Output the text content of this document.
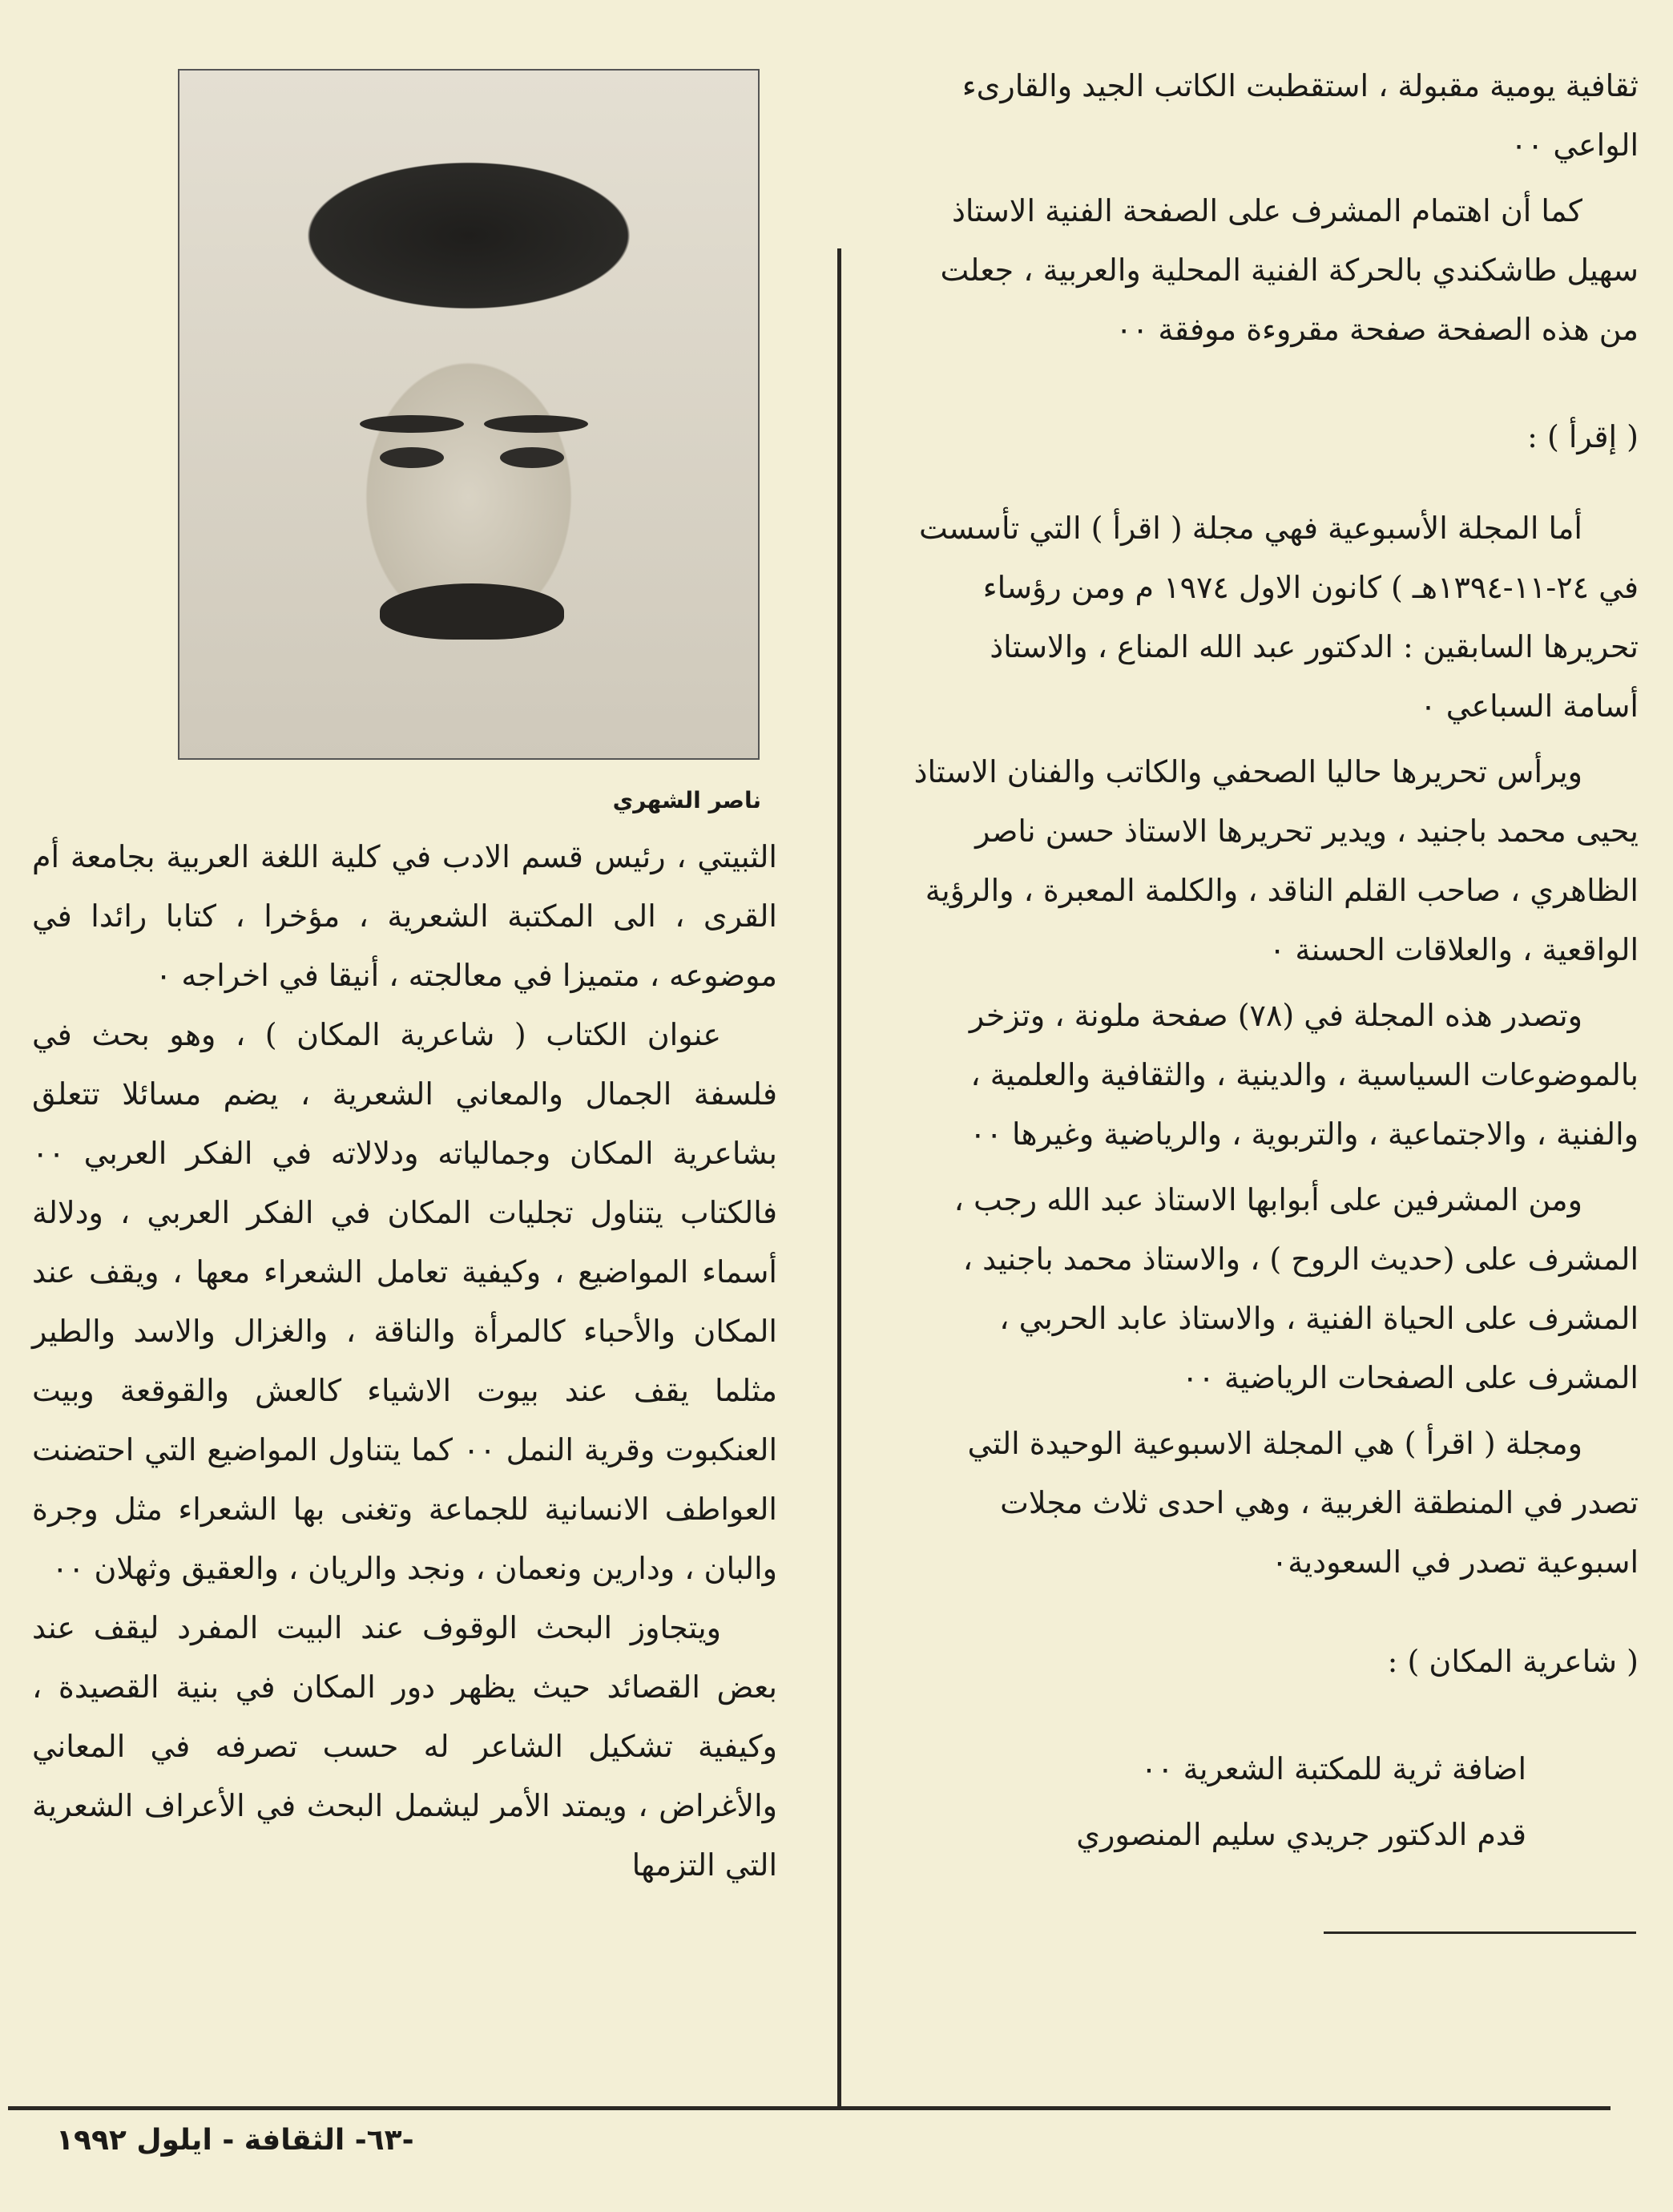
ثقافية يومية مقبولة ، استقطبت الكاتب الجيد والقارىء الواعي ٠٠

كما أن اهتمام المشرف على الصفحة الفنية الاستاذ سهيل طاشكندي بالحركة الفنية المحلية والعربية ، جعلت من هذه الصفحة صفحة مقروءة موفقة ٠٠

( إقرأ ) :

أما المجلة الأسبوعية فهي مجلة ( اقرأ ) التي تأسست في ٢٤-١١-١٣٩٤هـ ) كانون الاول ١٩٧٤ م ومن رؤساء تحريرها السابقين : الدكتور عبد الله المناع ، والاستاذ أسامة السباعي ٠

ويرأس تحريرها حاليا الصحفي والكاتب والفنان الاستاذ يحيى محمد باجنيد ، ويدير تحريرها الاستاذ حسن ناصر الظاهري ، صاحب القلم الناقد ، والكلمة المعبرة ، والرؤية الواقعية ، والعلاقات الحسنة ٠

وتصدر هذه المجلة في (٧٨) صفحة ملونة ، وتزخر بالموضوعات السياسية ، والدينية ، والثقافية والعلمية ، والفنية ، والاجتماعية ، والتربوية ، والرياضية وغيرها ٠٠

ومن المشرفين على أبوابها الاستاذ عبد الله رجب ، المشرف على (حديث الروح ) ، والاستاذ محمد باجنيد ، المشرف على الحياة الفنية ، والاستاذ عابد الحربي ، المشرف على الصفحات الرياضية ٠٠

ومجلة ( اقرأ ) هي المجلة الاسبوعية الوحيدة التي تصدر في المنطقة الغربية ، وهي احدى ثلاث مجلات اسبوعية تصدر في السعودية٠

( شاعرية المكان ) :

اضافة ثرية للمكتبة الشعرية ٠٠

قدم الدكتور جريدي سليم المنصوري

ناصر الشهري

الثبيتي ، رئيس قسم الادب في كلية اللغة العربية بجامعة أم القرى ، الى المكتبة الشعرية ، مؤخرا ، كتابا رائدا في موضوعه ، متميزا في معالجته ، أنيقا في اخراجه ٠

عنوان الكتاب ( شاعرية المكان ) ، وهو بحث في فلسفة الجمال والمعاني الشعرية ، يضم مسائلا تتعلق بشاعرية المكان وجمالياته ودلالاته في الفكر العربي ٠٠ فالكتاب يتناول تجليات المكان في الفكر العربي ، ودلالة أسماء المواضيع ، وكيفية تعامل الشعراء معها ، ويقف عند المكان والأحباء كالمرأة والناقة ، والغزال والاسد والطير مثلما يقف عند بيوت الاشياء كالعش والقوقعة وبيت العنكبوت وقرية النمل ٠٠ كما يتناول المواضيع التي احتضنت العواطف الانسانية للجماعة وتغنى بها الشعراء مثل وجرة والبان ، ودارين ونعمان ، ونجد والريان ، والعقيق وثهلان ٠٠

ويتجاوز البحث الوقوف عند البيت المفرد ليقف عند بعض القصائد حيث يظهر دور المكان في بنية القصيدة ، وكيفية تشكيل الشاعر له حسب تصرفه في المعاني والأغراض ، ويمتد الأمر ليشمل البحث في الأعراف الشعرية التي التزمها

-٦٣- الثقافة - ايلول ١٩٩٢
